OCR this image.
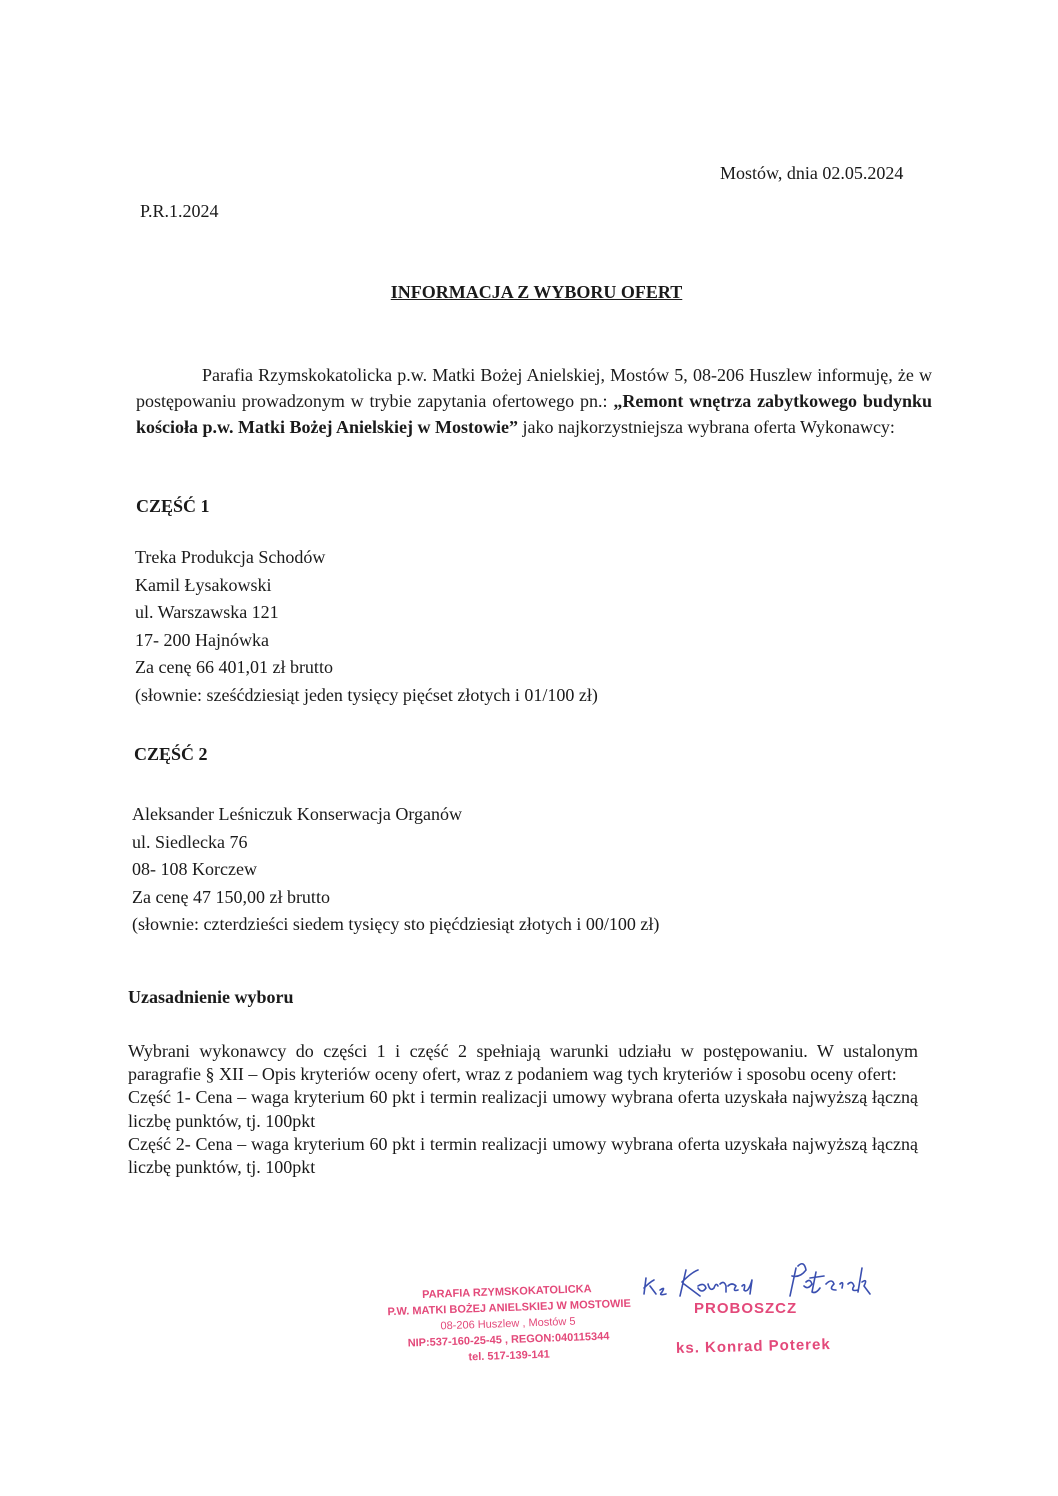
Mostów, dnia 02.05.2024
P.R.1.2024
INFORMACJA Z WYBORU OFERT

Parafia Rzymskokatolicka p.w. Matki Bożej Anielskiej, Mostów 5, 08-206 Huszlew informuję, że w postępowaniu prowadzonym w trybie zapytania ofertowego pn.: „Remont wnętrza zabytkowego budynku kościoła p.w. Matki Bożej Anielskiej w Mostowie” jako najkorzystniejsza wybrana oferta Wykonawcy:

CZĘŚĆ 1
Treka Produkcja Schodów
Kamil Łysakowski
ul. Warszawska 121
17- 200 Hajnówka
Za cenę 66 401,01 zł brutto
(słownie: sześćdziesiąt jeden tysięcy pięćset złotych i 01/100 zł)
CZĘŚĆ 2
Aleksander Leśniczuk Konserwacja Organów
ul. Siedlecka 76
08- 108 Korczew
Za cenę 47 150,00 zł brutto
(słownie: czterdzieści siedem tysięcy sto pięćdziesiąt złotych i 00/100 zł)
Uzasadnienie wyboru

Wybrani wykonawcy do części 1 i część 2 spełniają warunki udziału w postępowaniu. W ustalonym paragrafie § XII – Opis kryteriów oceny ofert, wraz z podaniem wag tych kryteriów i sposobu oceny ofert:

Część 1- Cena – waga kryterium 60 pkt i termin realizacji umowy wybrana oferta uzyskała najwyższą łączną liczbę punktów, tj. 100pkt

Część 2- Cena – waga kryterium 60 pkt i termin realizacji umowy wybrana oferta uzyskała najwyższą łączną liczbę punktów, tj. 100pkt

PARAFIA RZYMSKOKATOLICKA
P.W. MATKI BOŻEJ ANIELSKIEJ W MOSTOWIE
08-206 Huszlew , Mostów 5
NIP:537-160-25-45 , REGON:040115344
tel. 517-139-141
PROBOSZCZ
ks. Konrad Poterek
